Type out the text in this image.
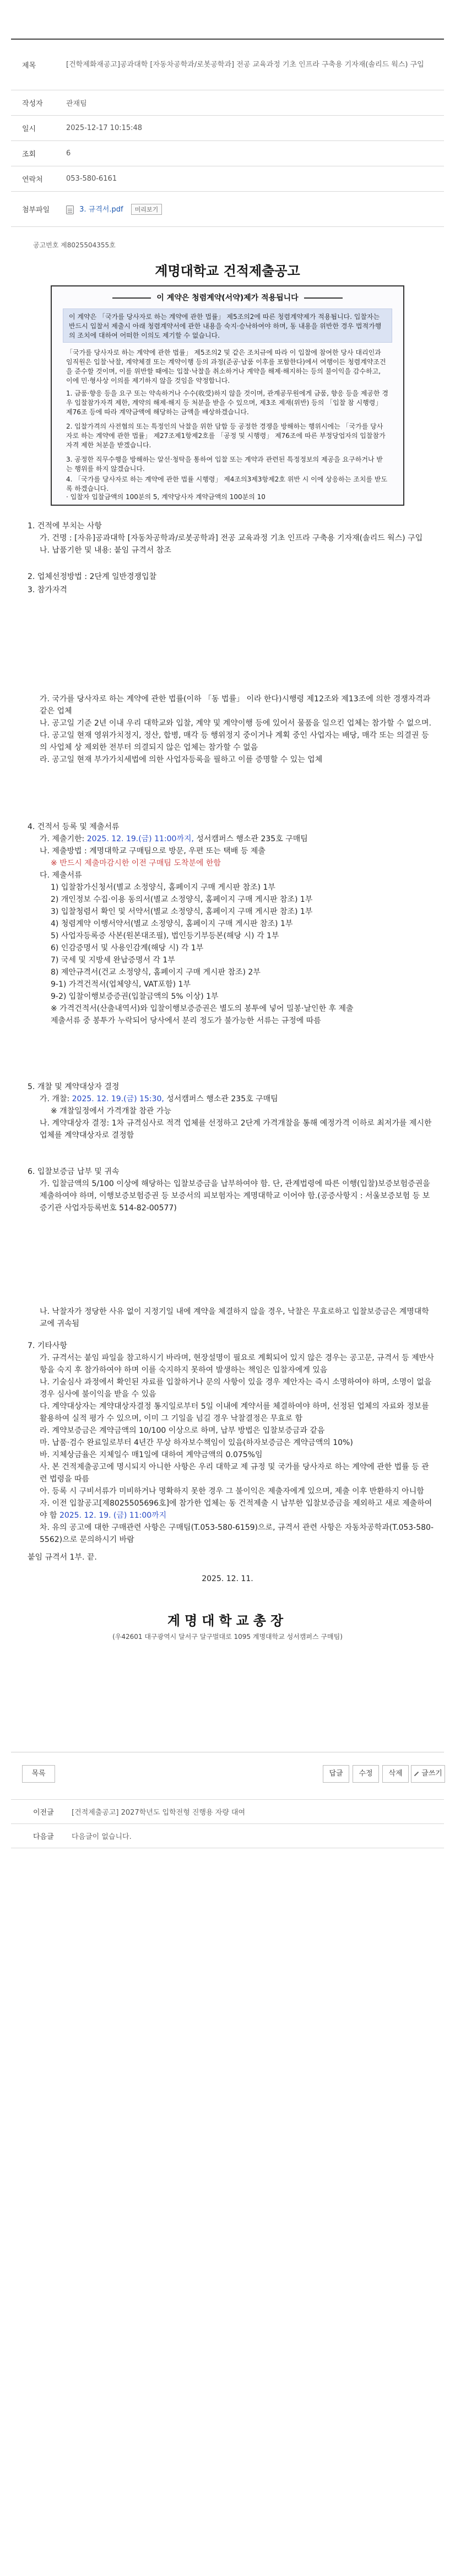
제목	[건학제화재공고]공과대학 [자동차공학과/로봇공학과] 전공 교육과정 기초 인프라 구축용 기자재(솔리드 웍스) 구입
작성자	관재팀
일시	2025-12-17 10:15:48
조회	6
연락처	053-580-6161
첨부파일	3. 규격서.pdf 미리보기
공고번호 제8025504355호
계명대학교 건적제출공고
이 계약은 청렴계약(서약)제가 적용됩니다
이 계약은 「국가를 당사자로 하는 계약에 관한 법률」 제5조의2에 따른 청렴계약제가 적용됩니다. 입찰자는 반드시 입찰서 제출시 아래 청렴계약서에 관한 내용을 숙지·승낙하여야 하며, 동 내용을 위반한 경우 법적가행의 조치에 대하여 어떠한 이의도 제기할 수 없습니다.
「국가를 당사자로 하는 계약에 관한 법률」 제5조의2 및 같은 조치규에 따라 이 입찰에 참여한 당사 대리인과 임직원은 입찰·낙찰, 계약체결 또는 계약이행 등의 과정(준공·납품 이후를 포함한다)에서 여행이든 청렴계약조건을 준수할 것이며, 이를 위반할 때에는 입찰·낙찰을 취소하거나 계약을 해제·해지하는 등의 불이익을 감수하고, 이에 민·형사상 이의를 제기하지 않을 것임을 약정합니다.
1. 금품·향응 등을 요구 또는 약속하거나 수수(收受)하지 않을 것이며, 관계공무원에게 금품, 향응 등을 제공한 경우 입찰참가자격 제한, 계약의 해제·해지 등 처분을 받을 수 있으며, 제3조 제재(위반) 등의 「입찰 참 시행령」 제76조 등에 따라 계약금액에 해당하는 금액을 배상하겠습니다.
2. 입찰가격의 사전협의 또는 특정인의 낙찰을 위한 담합 등 공정한 경쟁을 방해하는 행위시에는 「국가를 당사자로 하는 계약에 관한 법률」 제27조제1항제2호를 「공정 및 시행령」 제76조에 따른 부정당업자의 입찰참가자격 제한 처분을 받겠습니다.
3. 공정한 직무수행을 방해하는 알선·청탁을 통하여 입찰 또는 계약과 관련된 특정정보의 제공을 요구하거나 받는 행위를 하지 않겠습니다.
4. 「국가를 당사자로 하는 계약에 관한 법률 시행령」 제4조의3제3항제2호 위반 시 이에 상응하는 조치를 받도록 하겠습니다.
· 입찰자 입찰금액의 100분의 5, 계약당사자 계약금액의 100분의 10
1. 건적에 부치는 사항
가. 건명 : [자유]공과대학 [자동차공학과/로봇공학과] 전공 교육과정 기초 인프라 구축용 기자재(솔리드 웍스) 구입
나. 납품기한 및 내용: 붙임 규격서 참조
2. 업체선정방법 : 2단계 일반경쟁입찰
3. 참가자격
가. 국가를 당사자로 하는 계약에 관한 법률(이하 「동 법률」 이라 한다)시행령 제12조와 제13조에 의한 경쟁자격과 같은 업체
나. 공고일 기준 2년 이내 우리 대학교와 입찰, 계약 및 계약이행 등에 있어서 물품을 일으킨 업체는 참가할 수 없으며.
다. 공고일 현재 영위가치정지, 정산, 합병, 매각 등 행위정지 중이거나 계획 중인 사업자는 배당, 매각 또는 의결권 등의 사업체 상 제외한 전부터 의결되지 않은 업체는 참가할 수 없음
라. 공고일 현재 부가가치세법에 의한 사업자등록을 필하고 이를 증명할 수 있는 업체
4. 건적서 등록 및 제출서류
가. 제출기한: 2025. 12. 19.(금) 11:00까지, 성서캠퍼스 행소관 235호 구매팀
나. 제출방법 : 계명대학교 구매팀으로 방문, 우편 또는 택배 등 제출
※ 반드시 제출마감시한 이전 구매팀 도착분에 한함
다. 제출서류
1) 입찰참가신청서(별교 소정양식, 홈페이지 구매 게시판 참조) 1부
2) 개인정보 수집·이용 동의서(별교 소정양식, 홈페이지 구매 게시판 참조) 1부
3) 입찰청렴서 확인 및 서약서(별교 소정양식, 홈페이지 구매 게시판 참조) 1부
4) 청렴계약 이행서약서(별교 소정양식, 홈페이지 구매 게시판 참조) 1부
5) 사업자등록증 사본(원본대조필), 법인등기부등본(해당 시) 각 1부
6) 인감증명서 및 사용인감계(해당 시) 각 1부
7) 국세 및 지방세 완납증명서 각 1부
8) 제안규격서(건교 소정양식, 홈페이지 구매 게시판 참조) 2부
9-1) 가격건적서(업체양식, VAT포함) 1부
9-2) 입찰이행보증증권(입찰금액의 5% 이상) 1부
※ 가격건적서(산출내역서)와 입찰이행보증증권은 별도의 봉투에 넣어 밀봉·날인한 후 제출
제출서류 중 봉투가 누락되어 당사에서 분리 정도가 불가능한 서류는 규정에 따름
5. 개찰 및 계약대상자 결정
가. 개찰: 2025. 12. 19.(금) 15:30, 성서캠퍼스 행소관 235호 구매팀
※ 개찰일정에서 가격개찰 참관 가능
나. 계약대상자 결정: 1차 규격심사로 적격 업체를 선정하고 2단계 가격개찰을 통해 예정가격 이하로 최저가를 제시한 업체를 계약대상자로 결정함
6. 입찰보증금 납부 및 귀속
가. 입찰금액의 5/100 이상에 해당하는 입찰보증금을 납부하여야 함. 단, 관계법령에 따른 이행(입찰)보증보험증권을 제출하여야 하며, 이행보증보험증권 등 보증서의 피보험자는 계명대학교 이어야 함.(공증사항지 : 서울보증보험 등 보증기관 사업자등록번호 514-82-00577)
나. 낙찰자가 정당한 사유 없이 지정기일 내에 계약을 체결하지 않을 경우, 낙찰은 무효로하고 입찰보증금은 계명대학교에 귀속됨
7. 기타사항
가. 규격서는 붙임 파일을 참고하시기 바라며, 현장설명이 필요로 계획되어 있지 않은 경우는 공고문, 규격서 등 제반사항을 숙지 후 참가하여야 하며 이를 숙지하지 못하여 발생하는 책임은 입찰자에게 있음
나. 기술심사 과정에서 확인된 자료를 입찰하거나 문의 사항이 있을 경우 제안자는 즉시 소명하여야 하며, 소명이 없을 경우 심사에 불이익을 받을 수 있음
다. 계약대상자는 계약대상자결정 통지일로부터 5일 이내에 계약서를 체결하여야 하며, 선정된 업체의 자료와 정보를 활용하여 실적 평가 수 있으며, 이미 그 기일을 넘길 경우 낙찰결정은 무효로 함
라. 계약보증금은 계약금액의 10/100 이상으로 하며, 납부 방법은 입찰보증금과 같음
마. 납품·검수 완료일로부터 4년간 무상 하자보수책임이 있음(하자보증금은 계약금액의 10%)
바. 지체상금율은 지체일수 매1일에 대하여 계약금액의 0.075%임
사. 본 건적제출공고에 명시되지 아니한 사항은 우리 대학교 제 규정 및 국가를 당사자로 하는 계약에 관한 법률 등 관련 법령을 따름
아. 등록 시 구비서류가 미비하거나 명확하지 못한 경우 그 불이익은 제출자에게 있으며, 제출 이후 반환하지 아니함
자. 이전 입찰공고[제8025505696호]에 참가한 업체는 동 건적제출 시 납부한 입찰보증금을 제외하고 새로 제출하여야 함 2025. 12. 19. (금) 11:00까지
차. 유의 공고에 대한 구매관련 사항은 구매팀(T.053-580-6159)으로, 규격서 관련 사항은 자동차공학과(T.053-580-5562)으로 문의하시기 바람
붙임 규격서 1부. 끝.
2025. 12. 11.
계명대학교총장
(우42601 대구광역시 달서구 달구벌대로 1095 계명대학교 성서캠퍼스 구매팀)
목록	답글	수정	삭제	글쓰기
이전글	[건적제출공고] 2027학년도 입학전형 진행용 자량 대여
다음글	다음글이 없습니다.
